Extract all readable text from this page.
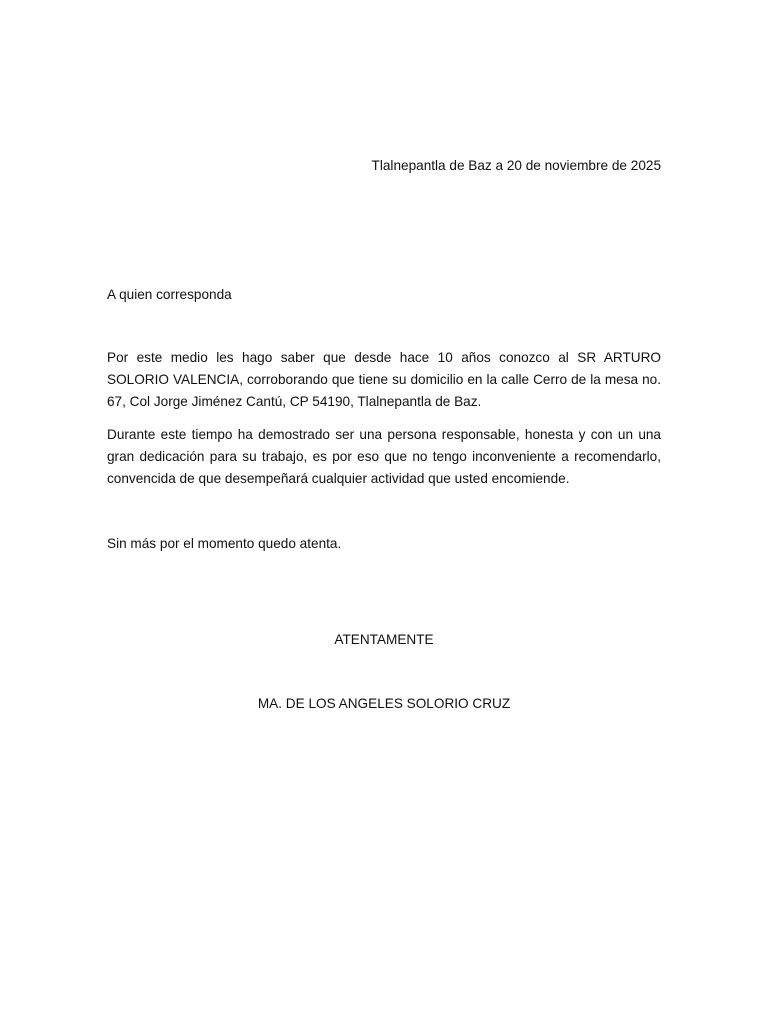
Tlalnepantla de Baz a 20 de noviembre de 2025
A quien corresponda

Por este medio les hago saber que desde hace 10 años conozco al SR ARTURO SOLORIO VALENCIA, corroborando que tiene su domicilio en la calle Cerro de la mesa no. 67, Col Jorge Jiménez Cantú, CP 54190, Tlalnepantla de Baz.

Durante este tiempo ha demostrado ser una persona responsable, honesta y con un una gran dedicación para su trabajo, es por eso que no tengo inconveniente a recomendarlo, convencida de que desempeñará cualquier actividad que usted encomiende.

Sin más por el momento quedo atenta.
ATENTAMENTE
MA. DE LOS ANGELES SOLORIO CRUZ
